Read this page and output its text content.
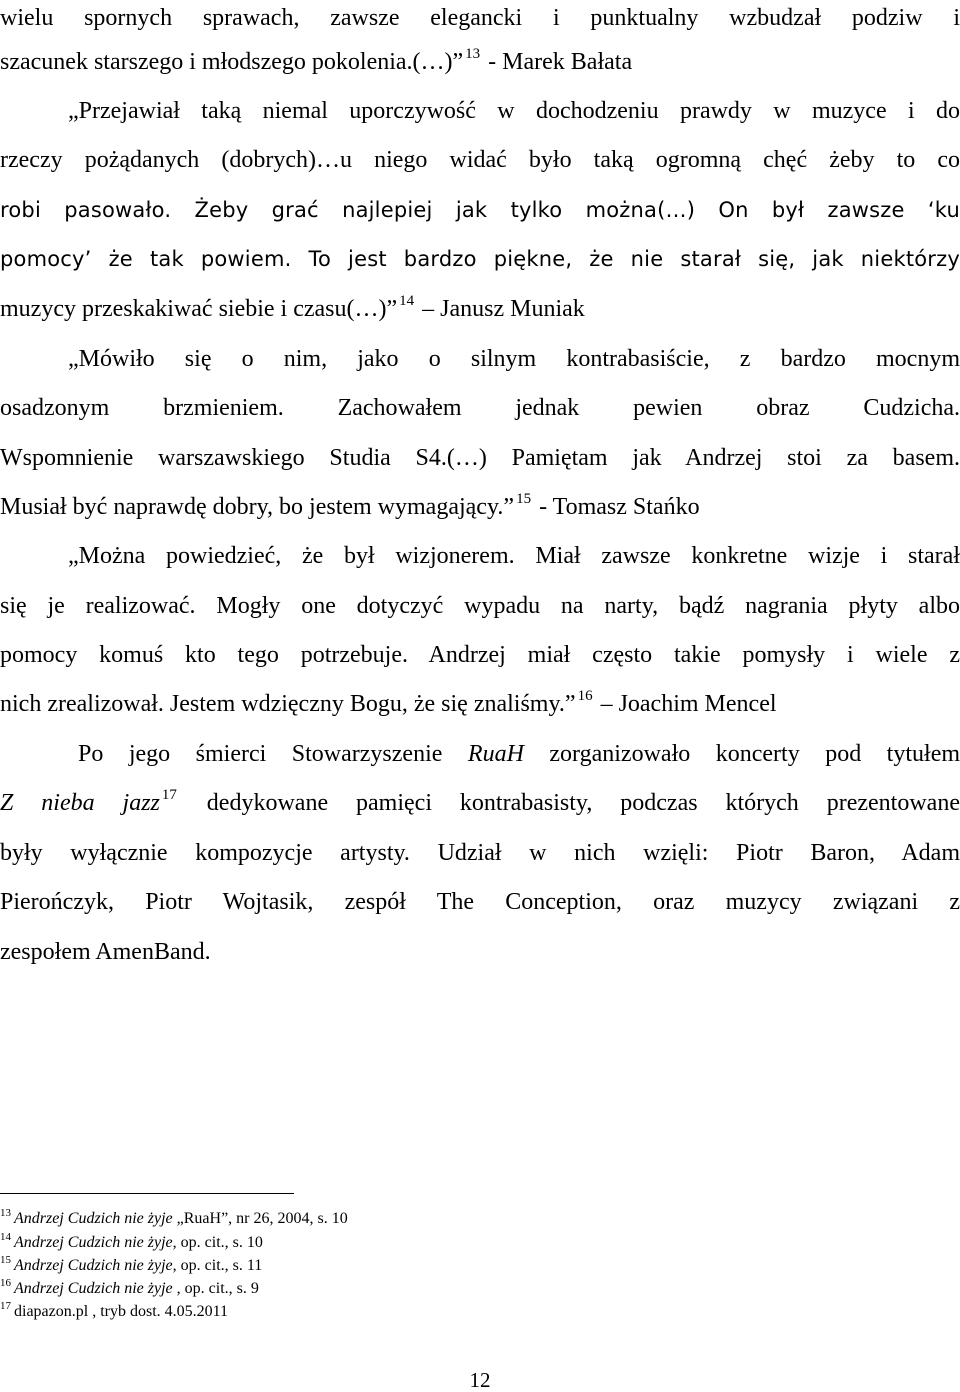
wielu spornych sprawach, zawsze elegancki i punktualny wzbudzał podziw i
szacunek starszego i młodszego pokolenia.(…)” $^{13}$ - Marek Bałata
„Przejawiał taką niemal uporczywość w dochodzeniu prawdy w muzyce i do
rzeczy pożądanych (dobrych)…u niego widać było taką ogromną chęć żeby to co
robi pasowało. Żeby grać najlepiej jak tylko można(…) On był zawsze ‘ku
pomocy’ że tak powiem. To jest bardzo piękne, że nie starał się, jak niektórzy
muzycy przeskakiwać siebie i czasu(…)” $^{14}$ – Janusz Muniak
„Mówiło się o nim, jako o silnym kontrabasiście, z bardzo mocnym
osadzonym brzmieniem. Zachowałem jednak pewien obraz Cudzicha.
Wspomnienie warszawskiego Studia S4.(…) Pamiętam jak Andrzej stoi za basem.
Musiał być naprawdę dobry, bo jestem wymagający.” $^{15}$ - Tomasz Stańko
„Można powiedzieć, że był wizjonerem. Miał zawsze konkretne wizje i starał
się je realizować. Mogły one dotyczyć wypadu na narty, bądź nagrania płyty albo
pomocy komuś kto tego potrzebuje. Andrzej miał często takie pomysły i wiele z
nich zrealizował. Jestem wdzięczny Bogu, że się znaliśmy.” $^{16}$ – Joachim Mencel
Po jego śmierci Stowarzyszenie RuaH zorganizowało koncerty pod tytułem
Z nieba jazz $^{17}$ dedykowane pamięci kontrabasisty, podczas których prezentowane
były wyłącznie kompozycje artysty. Udział w nich wzięli: Piotr Baron, Adam
Pierończyk, Piotr Wojtasik, zespół The Conception, oraz muzycy związani z
zespołem AmenBand.
$^{13}$ Andrzej Cudzich nie żyje „RuaH”, nr 26, 2004, s. 10
$^{14}$ Andrzej Cudzich nie żyje, op. cit., s. 10
$^{15}$ Andrzej Cudzich nie żyje, op. cit., s. 11
$^{16}$ Andrzej Cudzich nie żyje , op. cit., s. 9
$^{17}$ diapazon.pl , tryb dost. 4.05.2011
12
